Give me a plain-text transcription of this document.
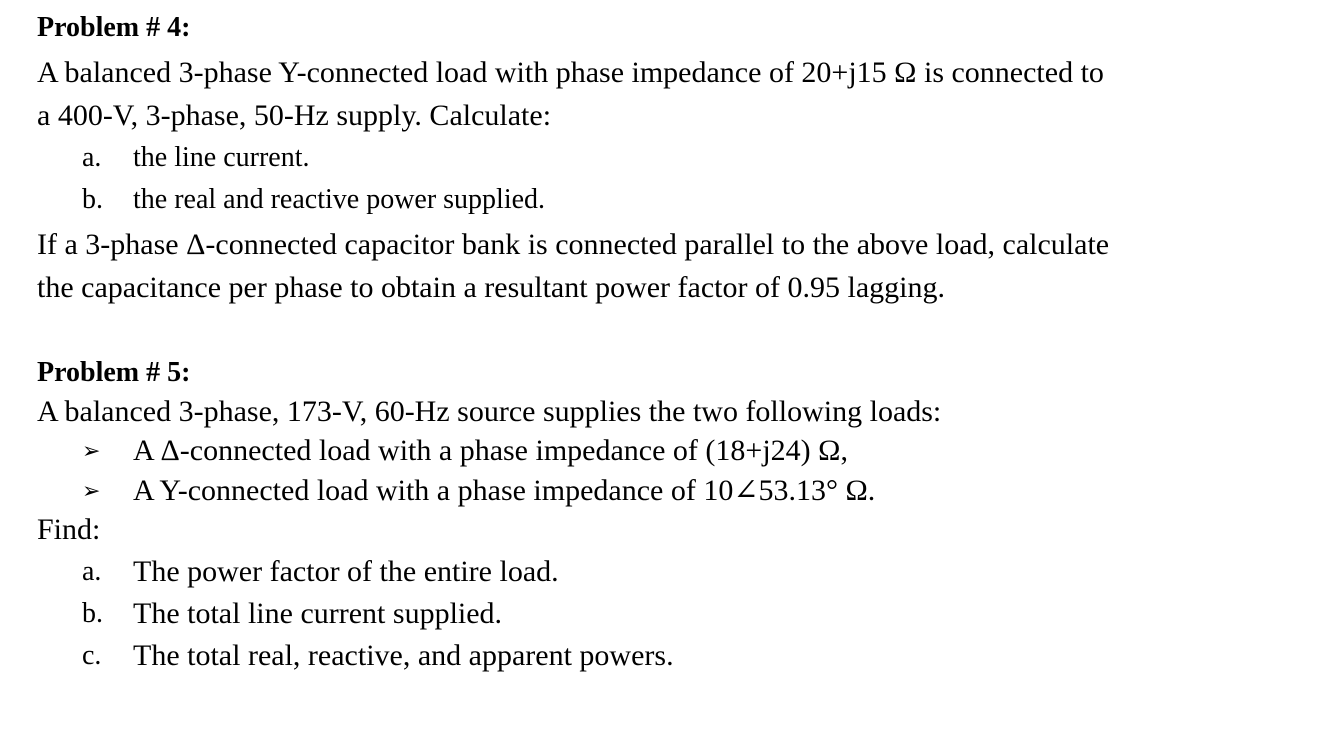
Problem # 4:

A balanced 3-phase Y-connected load with phase impedance of 20+j15 Ω is connected to

a 400-V, 3-phase, 50-Hz supply. Calculate:

a.	the line current.
b.	the real and reactive power supplied.

If a 3-phase Δ-connected capacitor bank is connected parallel to the above load, calculate

the capacitance per phase to obtain a resultant power factor of 0.95 lagging.

Problem # 5:

A balanced 3-phase, 173-V, 60-Hz source supplies the two following loads:

➢	A Δ-connected load with a phase impedance of (18+j24) Ω,
➢	A Y-connected load with a phase impedance of 10∠53.13° Ω.

Find:

a.	The power factor of the entire load.
b.	The total line current supplied.
c.	The total real, reactive, and apparent powers.
